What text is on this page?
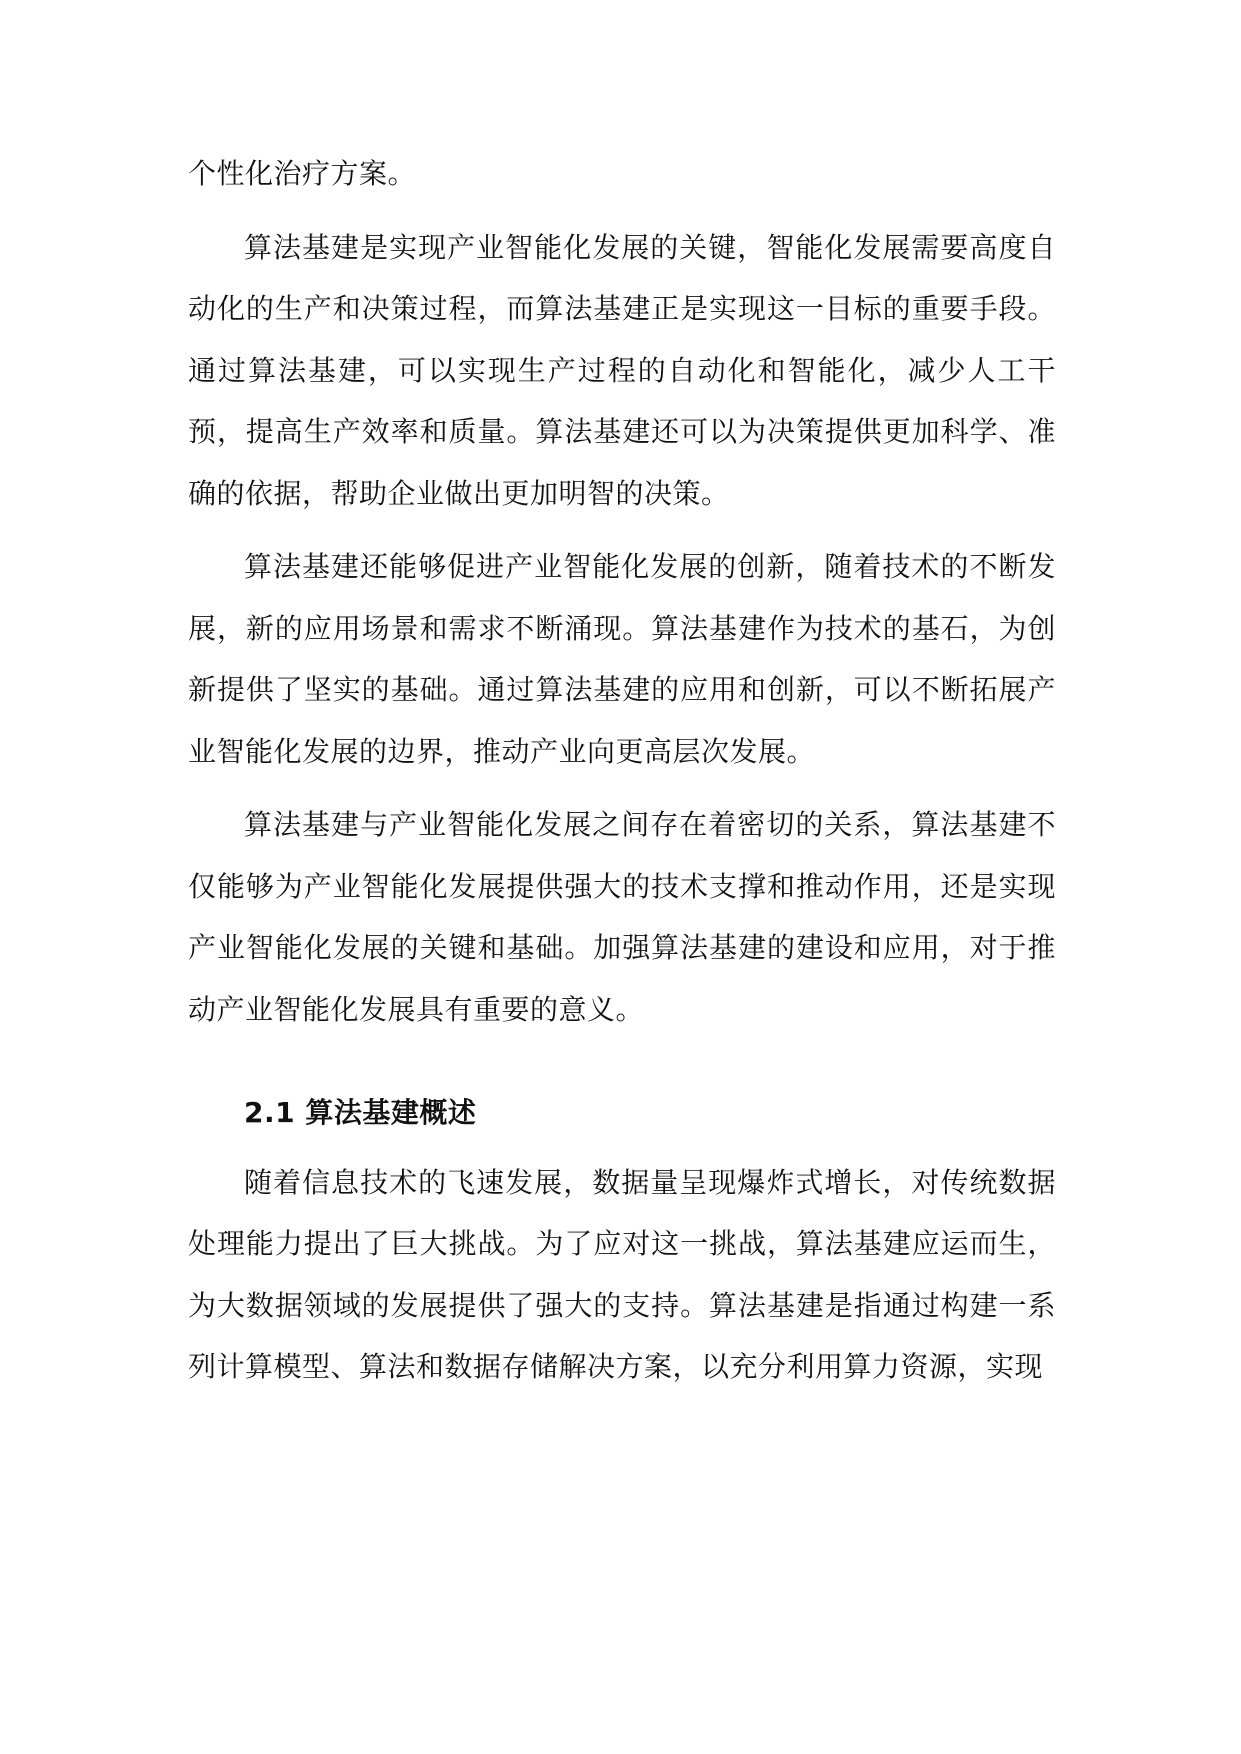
个性化治疗方案。

算法基建是实现产业智能化发展的关键，智能化发展需要高度自动化的生产和决策过程，而算法基建正是实现这一目标的重要手段。通过算法基建，可以实现生产过程的自动化和智能化，减少人工干预，提高生产效率和质量。算法基建还可以为决策提供更加科学、准确的依据，帮助企业做出更加明智的决策。

算法基建还能够促进产业智能化发展的创新，随着技术的不断发展，新的应用场景和需求不断涌现。算法基建作为技术的基石，为创新提供了坚实的基础。通过算法基建的应用和创新，可以不断拓展产业智能化发展的边界，推动产业向更高层次发展。

算法基建与产业智能化发展之间存在着密切的关系，算法基建不仅能够为产业智能化发展提供强大的技术支撑和推动作用，还是实现产业智能化发展的关键和基础。加强算法基建的建设和应用，对于推动产业智能化发展具有重要的意义。

2.1 算法基建概述

随着信息技术的飞速发展，数据量呈现爆炸式增长，对传统数据处理能力提出了巨大挑战。为了应对这一挑战，算法基建应运而生，为大数据领域的发展提供了强大的支持。算法基建是指通过构建一系列计算模型、算法和数据存储解决方案，以充分利用算力资源，实现
